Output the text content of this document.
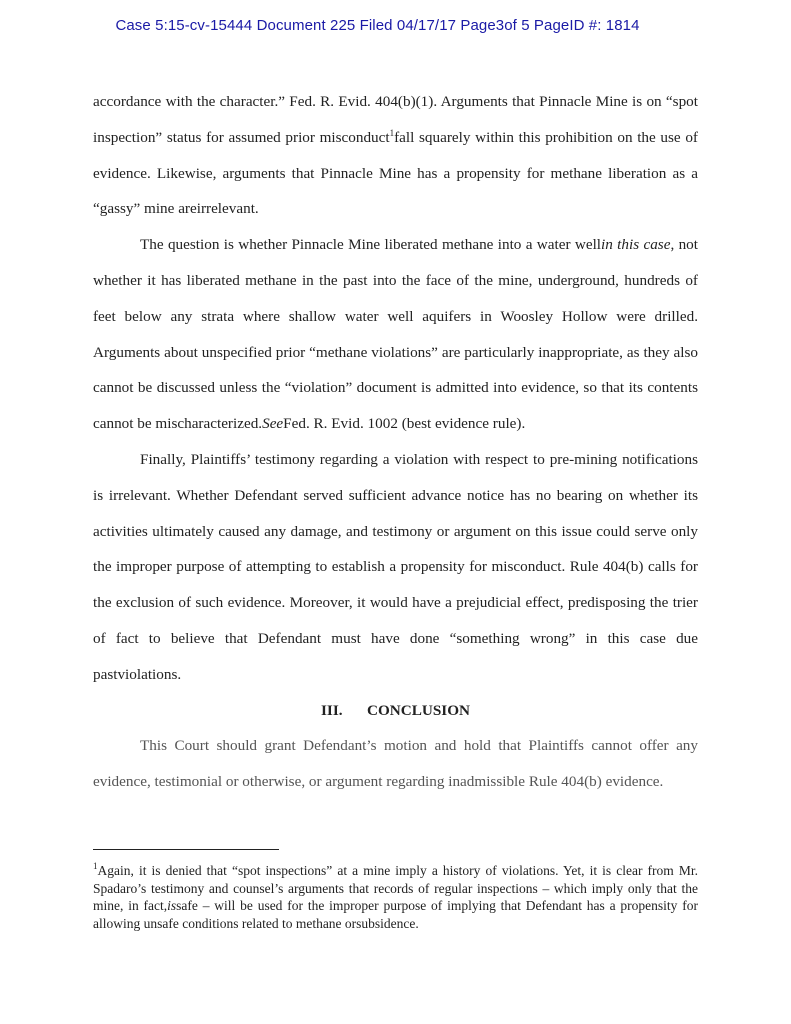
Case 5:15-cv-15444 Document 225 Filed 04/17/17 Page3of 5 PageID #: 1814

accordance with the character.” Fed. R. Evid. 404(b)(1). Arguments that Pinnacle Mine is on “spot inspection” status for assumed prior misconduct$^1$fall squarely within this prohibition on the use of evidence. Likewise, arguments that Pinnacle Mine has a propensity for methane liberation as a “gassy” mine areirrelevant.

The question is whether Pinnacle Mine liberated methane into a water wellin this case, not whether it has liberated methane in the past into the face of the mine, underground, hundreds of feet below any strata where shallow water well aquifers in Woosley Hollow were drilled. Arguments about unspecified prior “methane violations” are particularly inappropriate, as they also cannot be discussed unless the “violation” document is admitted into evidence, so that its contents cannot be mischaracterized.SeeFed. R. Evid. 1002 (best evidence rule).

Finally, Plaintiffs’ testimony regarding a violation with respect to pre-mining notifications is irrelevant. Whether Defendant served sufficient advance notice has no bearing on whether its activities ultimately caused any damage, and testimony or argument on this issue could serve only the improper purpose of attempting to establish a propensity for misconduct. Rule 404(b) calls for the exclusion of such evidence. Moreover, it would have a prejudicial effect, predisposing the trier of fact to believe that Defendant must have done “something wrong” in this case due pastviolations.

III. CONCLUSION

This Court should grant Defendant’s motion and hold that Plaintiffs cannot offer any evidence, testimonial or otherwise, or argument regarding inadmissible Rule 404(b) evidence.

$^1$Again, it is denied that “spot inspections” at a mine imply a history of violations. Yet, it is clear from Mr. Spadaro’s testimony and counsel’s arguments that records of regular inspections – which imply only that the mine, in fact,issafe – will be used for the improper purpose of implying that Defendant has a propensity for allowing unsafe conditions related to methane orsubsidence.
